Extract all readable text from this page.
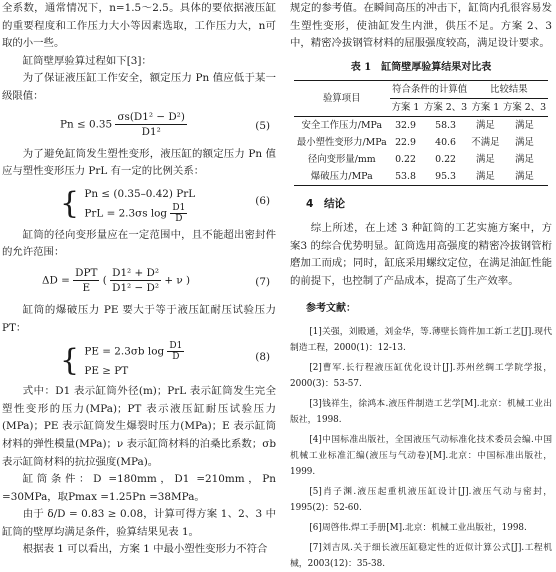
全系数，通常情况下，n=1.5～2.5。具体的要依据液压缸的重要程度和工作压力大小等因素选取，工作压力大，n可取的小一些。

缸筒壁厚验算过程如下[3]：

为了保证液压缸工作安全，额定压力 Pn 值应低于某一级限值：

$Pn \le 0.35 \frac{\text{σs(D1² − D²)}}{\text{D1²}}$	(5)

为了避免缸筒发生塑性变形，液压缸的额定压力 Pn 值应与塑性变形压力 PrL 有一定的比例关系：

{ Pn ≤ (0.35–0.42) PrL
PrL = 2.3σs $\log \frac{D1}{D}$
(6)

缸筒的径向变形量应在一定范围中，且不能超出密封件的允许范围：

$\Delta D = \frac{\text{DPT}}{E}$ ( $\frac{\text{D1² + D²}}{\text{D1² − D²}} + \nu$ )	(7)

缸筒的爆破压力 PE 要大于等于液压缸耐压试验压力 PT：

{ PE = 2.3σb $\log \frac{D1}{D}$
PE ≥ PT
(8)

式中：D1 表示缸筒外径(m)；PrL 表示缸筒发生完全塑性变形的压力(MPa)；PT 表示液压缸耐压试验压力(MPa)；PE 表示缸筒发生爆裂时压力(MPa)；E 表示缸筒材料的弹性模量(MPa)；ν 表示缸筒材料的泊桑比系数；σb 表示缸筒材料的抗拉强度(MPa)。

缸筒条件：D =180mm，D1 =210mm，Pn =30MPa，取Pmax =1.25Pn =38MPa。

由于 δ/D = 0.83 ≥ 0.08，计算可得方案 1、2、3 中缸筒的壁厚均满足条件，验算结果见表 1。

根据表 1 可以看出，方案 1 中最小塑性变形力不符合

规定的参考值。在瞬间高压的冲击下，缸筒内孔很容易发生塑性变形，使油缸发生内泄，供压不足。方案 2、3中，精密冷拔钢管材料的屈服强度较高，满足设计要求。

表 1　缸筒壁厚验算结果对比表
验算项目	符合条件的计算值		比较结果	
	方案 1	方案 2、3	方案 1	方案 2、3
安全工作压力/MPa	32.9	58.3	满足	满足
最小塑性变形力/MPa	22.9	40.6	不满足	满足
径向变形量/mm	0.22	0.22	满足	满足
爆破压力/MPa	53.8	95.3	满足	满足
4　结论

综上所述，在上述 3 种缸筒的工艺实施方案中，方案3 的综合优势明显。缸筒选用高强度的精密冷拔钢管桁磨加工而成；同时，缸底采用螺纹定位，在满足油缸性能的前提下，也控制了产品成本，提高了生产效率。

参考文献：

[1]关强，刘殿通，刘金华，等.薄壁长筒件加工新工艺[J].现代制造工程，2000(1)：12-13.

[2]曹军.长行程液压缸优化设计[J].苏州丝绸工学院学报，2000(3)：53-57.

[3]钱祥生，徐鸿本.液压件制造工艺学[M].北京：机械工业出版社，1998.

[4]中国标准出版社，全国液压气动标准化技术委员会编.中国机械工业标准汇编(液压与气动卷)[M].北京：中国标准出版社，1999.

[5]肖子渊.液压起重机液压缸设计[J].液压气动与密封，1995(2)：52-60.

[6]周啓伟.焊工手册[M].北京：机械工业出版社，1998.

[7]刘吉凤.关于细长液压缸稳定性的近似计算公式[J].工程机械，2003(12)：35-38.
